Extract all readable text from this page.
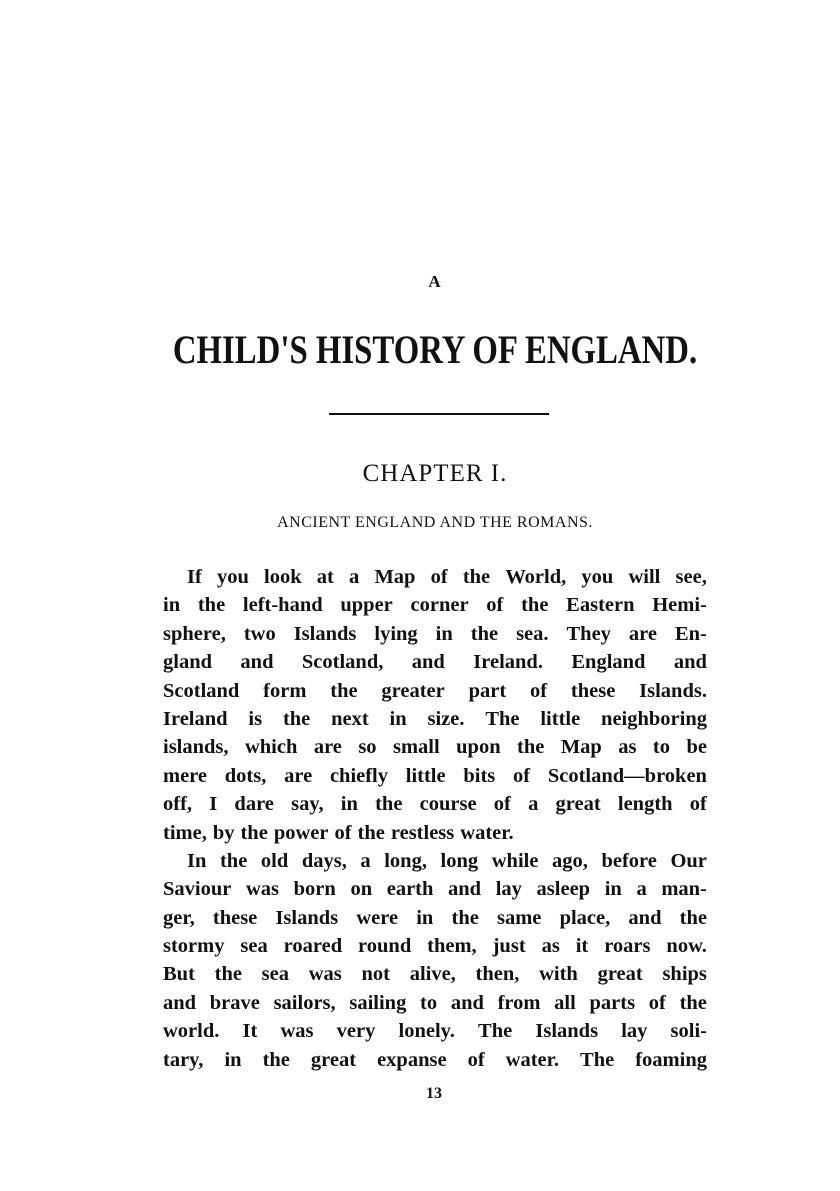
A
CHILD'S HISTORY OF ENGLAND.
CHAPTER I.
ANCIENT ENGLAND AND THE ROMANS.
If you look at a Map of the World, you will see,
in the left-hand upper corner of the Eastern Hemi-
sphere, two Islands lying in the sea. They are En-
gland and Scotland, and Ireland. England and
Scotland form the greater part of these Islands.
Ireland is the next in size. The little neighboring
islands, which are so small upon the Map as to be
mere dots, are chiefly little bits of Scotland—broken
off, I dare say, in the course of a great length of
time, by the power of the restless water.
In the old days, a long, long while ago, before Our
Saviour was born on earth and lay asleep in a man-
ger, these Islands were in the same place, and the
stormy sea roared round them, just as it roars now.
But the sea was not alive, then, with great ships
and brave sailors, sailing to and from all parts of the
world. It was very lonely. The Islands lay soli-
tary, in the great expanse of water. The foaming
13
